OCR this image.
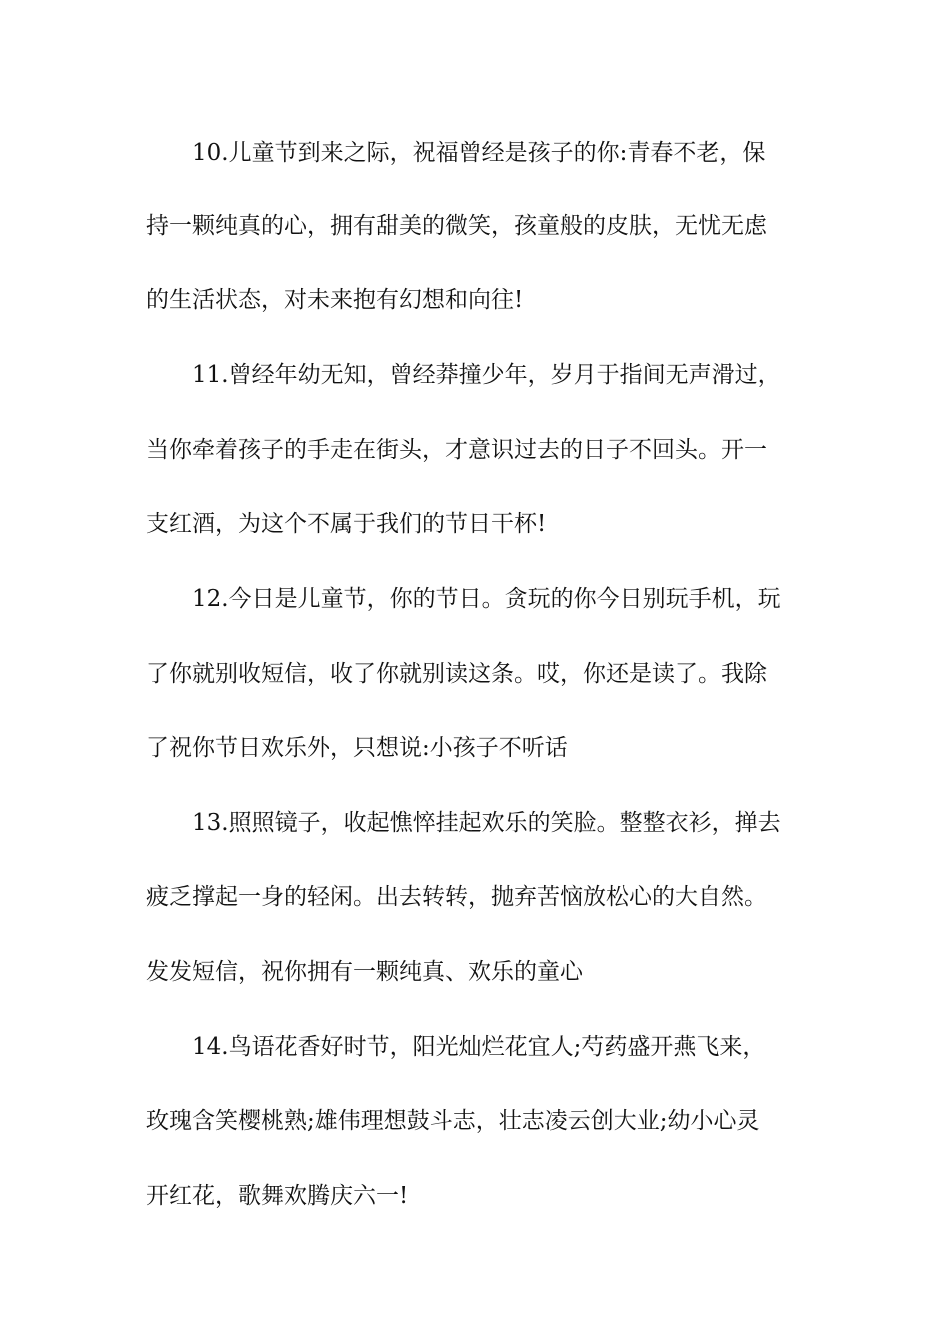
10.儿童节到来之际，祝福曾经是孩子的你:青春不老，保
持一颗纯真的心，拥有甜美的微笑，孩童般的皮肤，无忧无虑
的生活状态，对未来抱有幻想和向往!
11.曾经年幼无知，曾经莽撞少年，岁月于指间无声滑过，
当你牵着孩子的手走在街头，才意识过去的日子不回头。开一
支红酒，为这个不属于我们的节日干杯!
12.今日是儿童节，你的节日。贪玩的你今日别玩手机，玩
了你就别收短信，收了你就别读这条。哎，你还是读了。我除
了祝你节日欢乐外，只想说:小孩子不听话
13.照照镜子，收起憔悴挂起欢乐的笑脸。整整衣衫，掸去
疲乏撑起一身的轻闲。出去转转，抛弃苦恼放松心的大自然。
发发短信，祝你拥有一颗纯真、欢乐的童心
14.鸟语花香好时节，阳光灿烂花宜人;芍药盛开燕飞来，
玫瑰含笑樱桃熟;雄伟理想鼓斗志，壮志凌云创大业;幼小心灵
开红花，歌舞欢腾庆六一!
